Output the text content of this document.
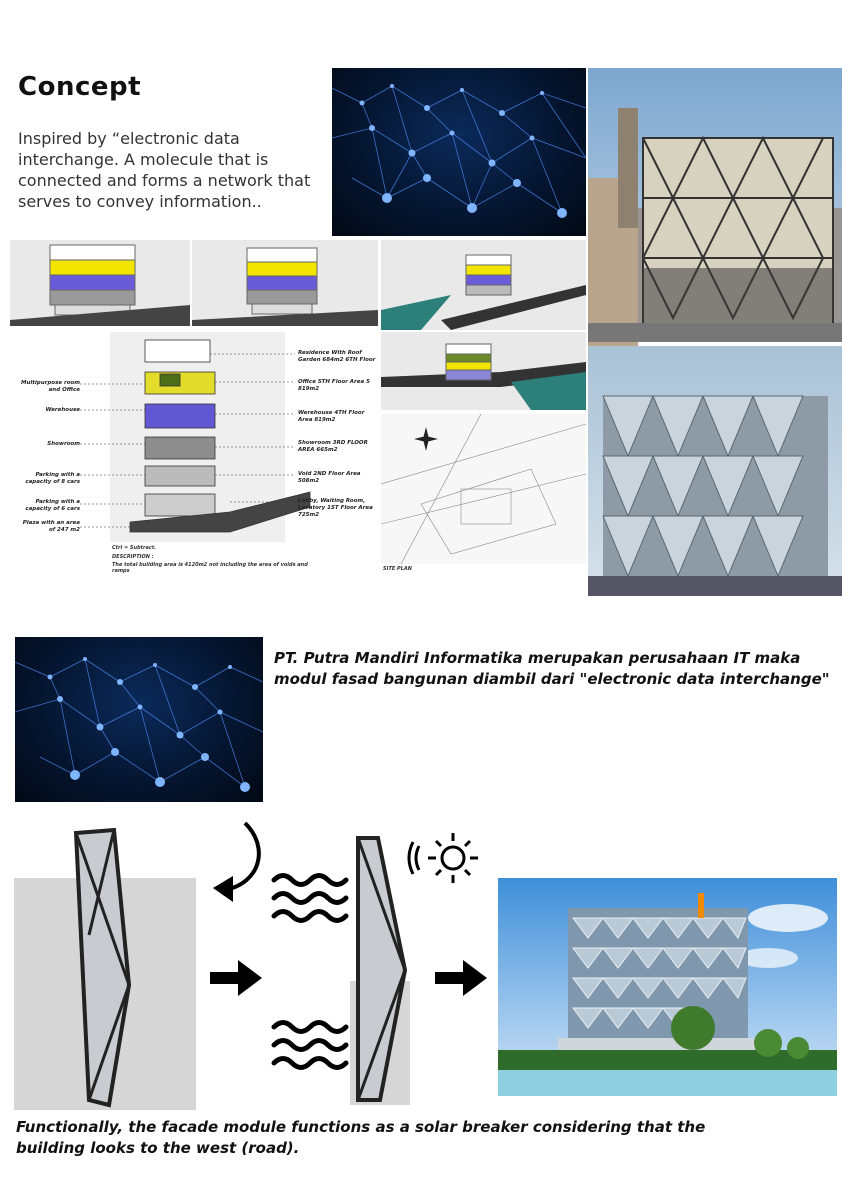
Concept
Inspired by “electronic data interchange. A molecule that is connected and forms a network that serves to convey information..
Multipurpose room and Office
Werehouse
Showroom
Parking with a capacity of 8 cars
Parking with a capacity of 6 cars
Plaza with an area of 247 m2
Residence With Roof Garden 684m2 6TH Floor
Office 5TH Floor Area 5 819m2
Werehouse 4TH Floor Area 819m2
Showroom 3RD FLOOR AREA 665m2
Void 2ND Floor Area 508m2
Lobby, Waiting Room, Lavatory 1ST Floor Area 725m2
Ctrl = Subtract.
DESCRIPTION :
The total building area is 4120m2 not including the area of voids and ramps	SITE PLAN
PT. Putra Mandiri Informatika merupakan perusahaan IT maka modul fasad bangunan diambil dari "electronic data interchange"
Functionally, the facade module functions as a solar breaker considering that the building looks to the west (road).
